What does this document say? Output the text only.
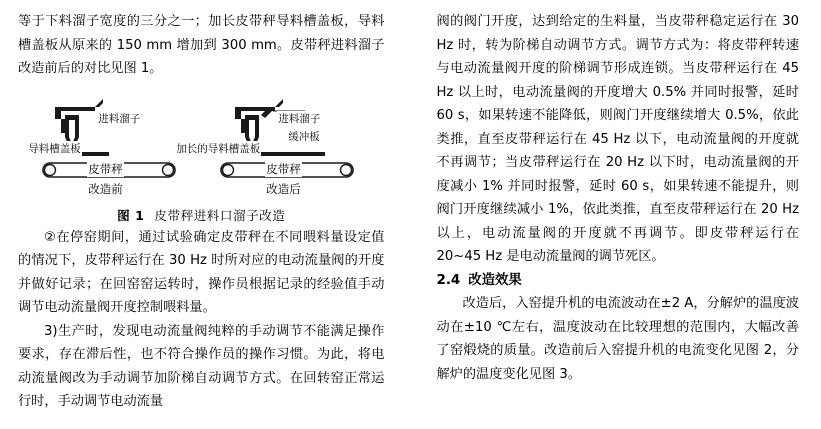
等于下料溜子宽度的三分之一；加长皮带秤导料槽盖板，导料槽盖板从原来的 150 mm 增加到 300 mm。皮带秤进料溜子改造前后的对比见图 1。

进料溜子
导料槽盖板
皮带秤
改造前
进料溜子
缓冲板
加长的导料槽盖板
皮带秤
改造后
图 1 皮带秤进料口溜子改造

②在停窑期间，通过试验确定皮带秤在不同喂料量设定值的情况下，皮带秤运行在 30 Hz 时所对应的电动流量阀的开度并做好记录；在回窑窑运转时，操作员根据记录的经验值手动调节电动流量阀开度控制喂料量。

3)生产时，发现电动流量阀纯粹的手动调节不能满足操作要求，存在滞后性，也不符合操作员的操作习惯。为此，将电动流量阀改为手动调节加阶梯自动调节方式。在回转窑正常运行时，手动调节电动流量

阀的阀门开度，达到给定的生料量，当皮带秤稳定运行在 30 Hz 时，转为阶梯自动调节方式。调节方式为：将皮带秤转速与电动流量阀开度的阶梯调节形成连锁。当皮带秤运行在 45 Hz 以上时，电动流量阀的开度增大 0.5% 并同时报警，延时 60 s，如果转速不能降低，则阀门开度继续增大 0.5%，依此类推，直至皮带秤运行在 45 Hz 以下，电动流量阀的开度就不再调节；当皮带秤运行在 20 Hz 以下时，电动流量阀的开度减小 1% 并同时报警，延时 60 s，如果转速不能提升，则阀门开度继续减小 1%，依此类推，直至皮带秤运行在 20 Hz 以上，电动流量阀的开度就不再调节。即皮带秤运行在 20~45 Hz 是电动流量阀的调节死区。

2.4 改造效果

改造后，入窑提升机的电流波动在±2 A，分解炉的温度波动在±10 ℃左右，温度波动在比较理想的范围内，大幅改善了窑煅烧的质量。改造前后入窑提升机的电流变化见图 2，分解炉的温度变化见图 3。
